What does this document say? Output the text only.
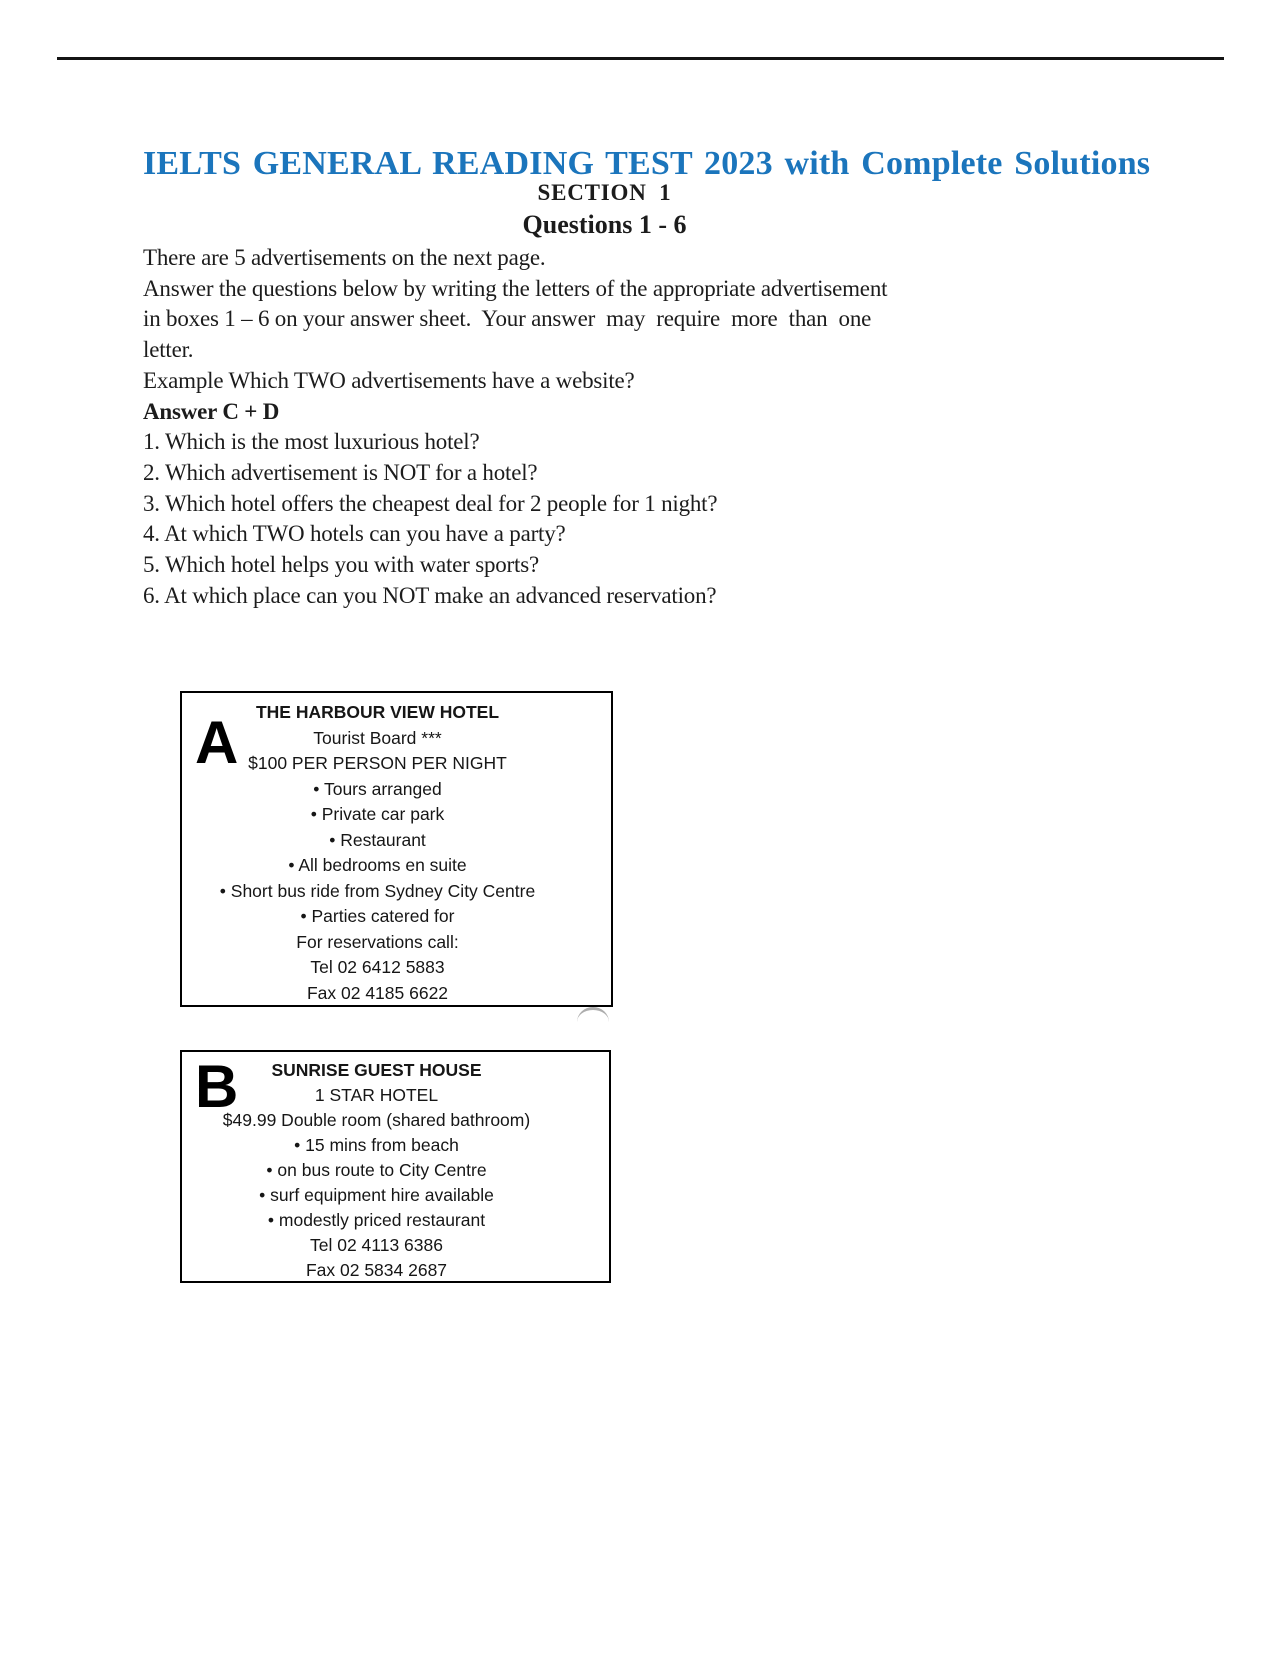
IELTS GENERAL READING TEST 2023 with Complete Solutions
SECTION 1
Questions 1 - 6
There are 5 advertisements on the next page.
Answer the questions below by writing the letters of the appropriate advertisement
in boxes 1 – 6 on your answer sheet.  Your answer  may  require  more  than  one
letter.
Example Which TWO advertisements have a website?
Answer C + D
1. Which is the most luxurious hotel?
2. Which advertisement is NOT for a hotel?
3. Which hotel offers the cheapest deal for 2 people for 1 night?
4. At which TWO hotels can you have a party?
5. Which hotel helps you with water sports?
6. At which place can you NOT make an advanced reservation?
A	THE HARBOUR VIEW HOTEL
Tourist Board ***
$100 PER PERSON PER NIGHT
• Tours arranged
• Private car park
• Restaurant
• All bedrooms en suite
• Short bus ride from Sydney City Centre
• Parties catered for
For reservations call:
Tel 02 6412 5883
Fax 02 4185 6622
B	SUNRISE GUEST HOUSE
1 STAR HOTEL
$49.99 Double room (shared bathroom)
• 15 mins from beach
• on bus route to City Centre
• surf equipment hire available
• modestly priced restaurant
Tel 02 4113 6386
Fax 02 5834 2687
